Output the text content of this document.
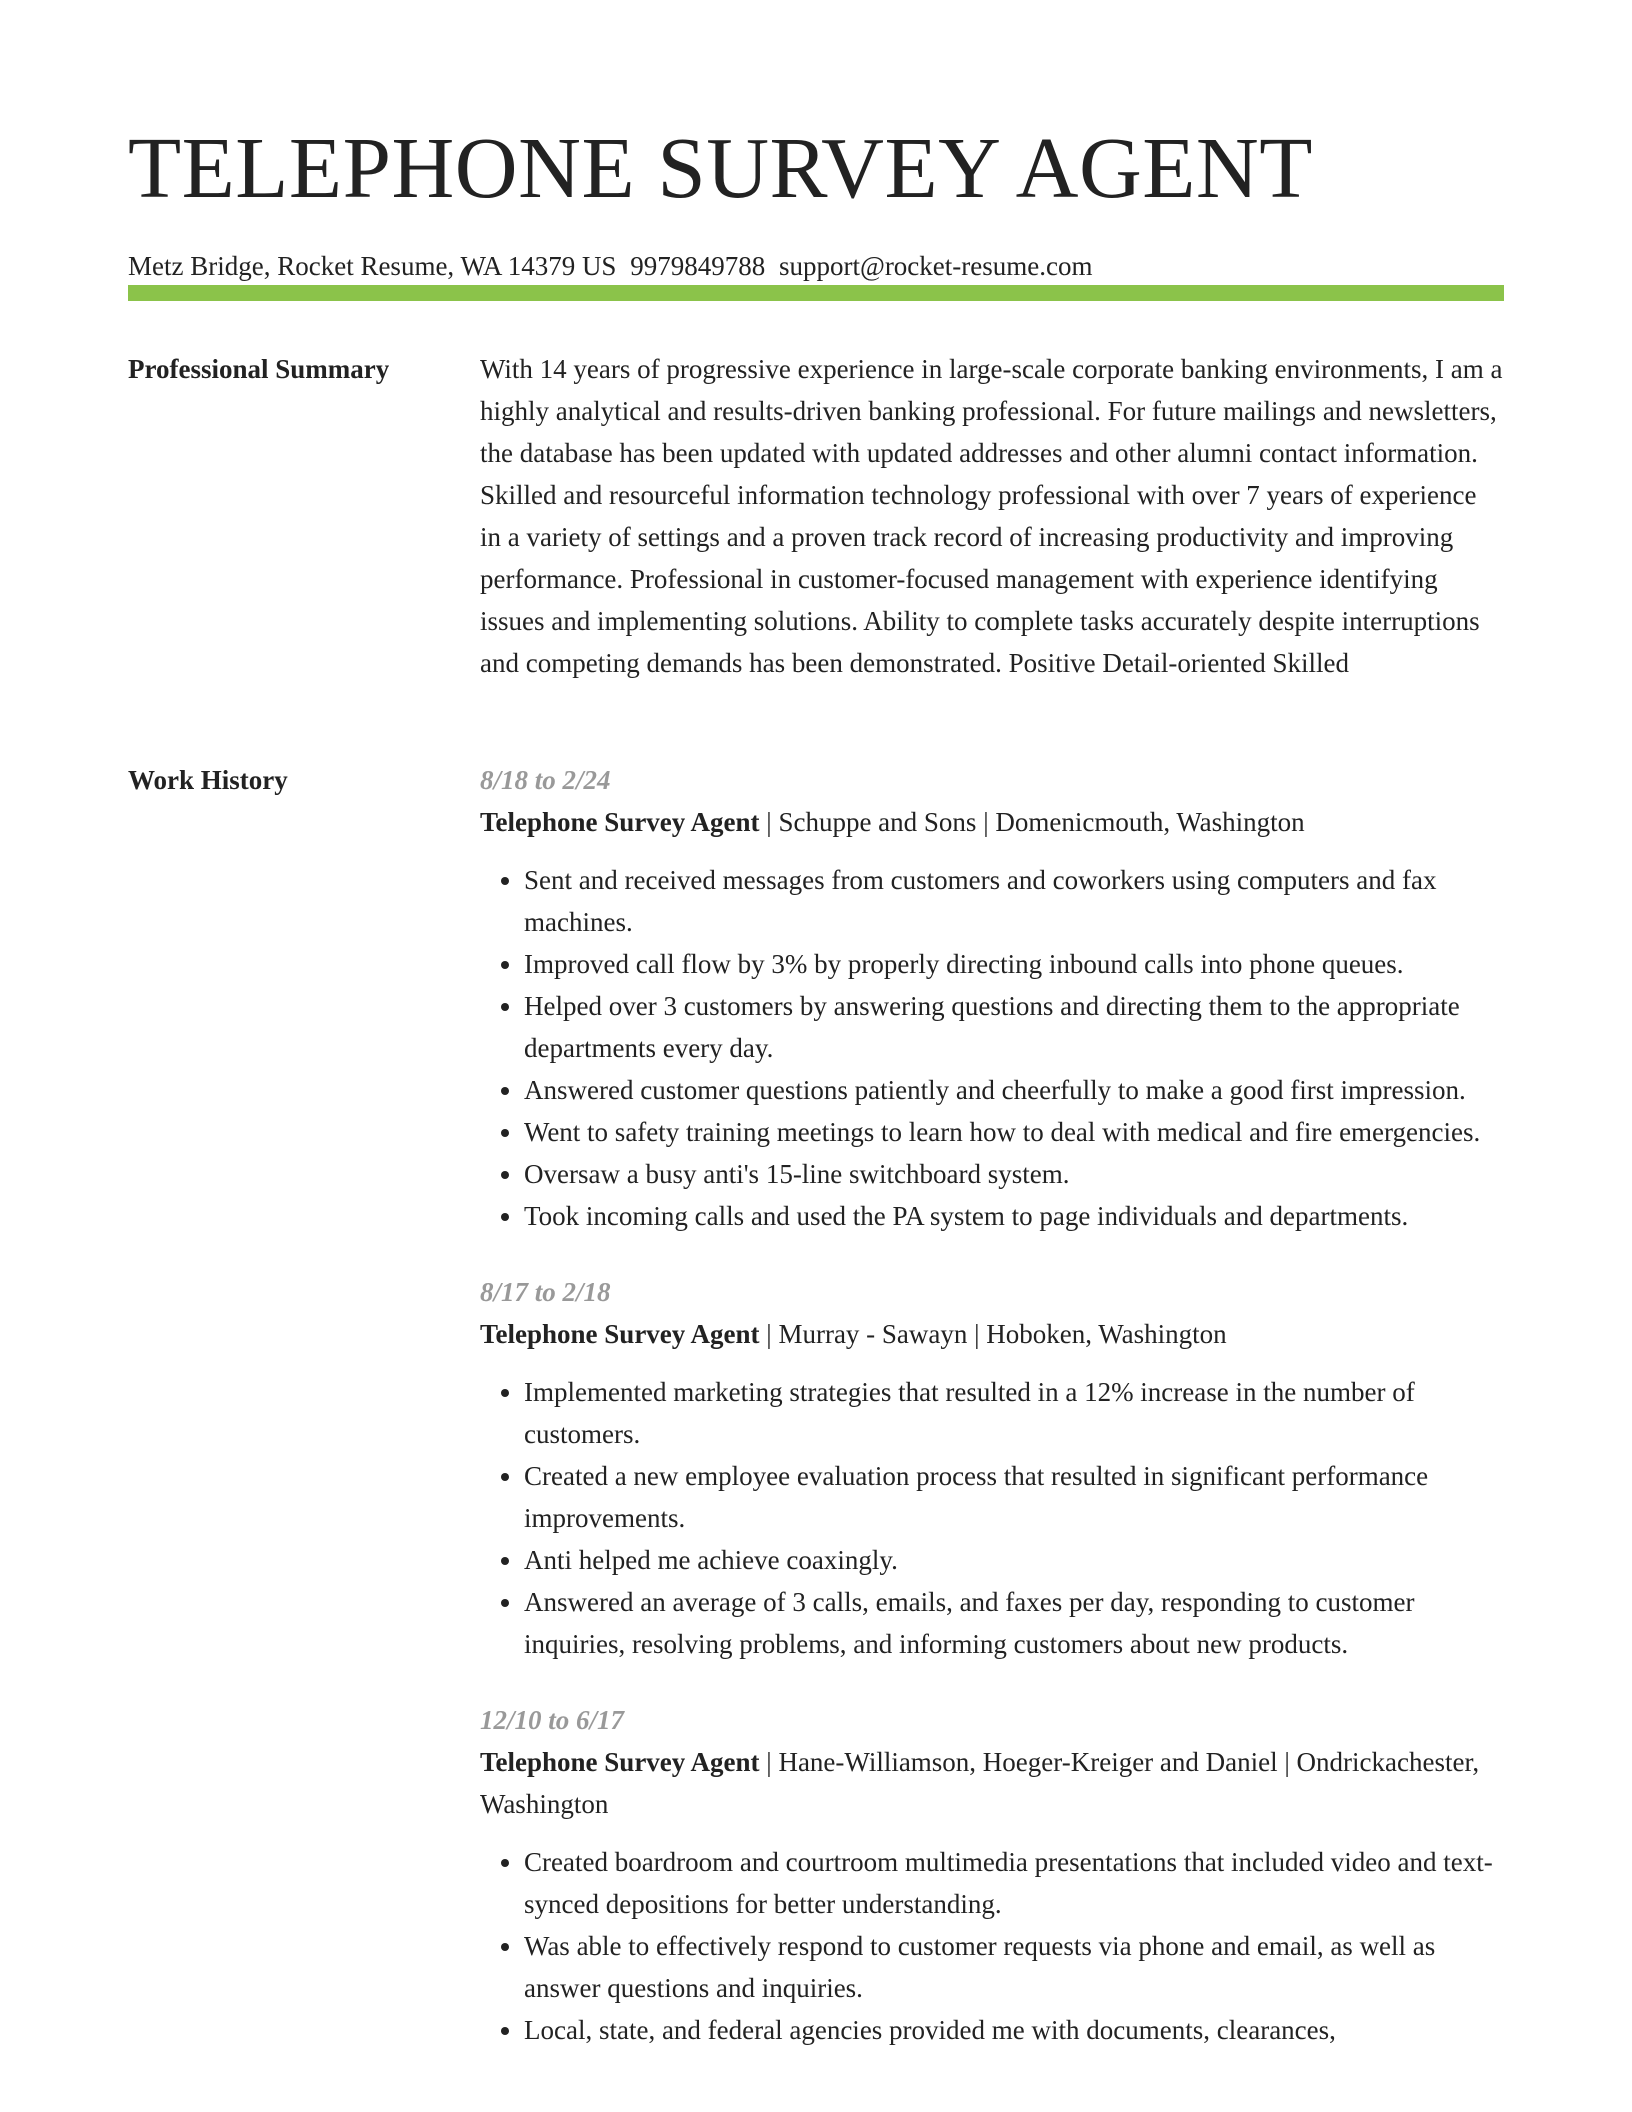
TELEPHONE SURVEY AGENT
Metz Bridge, Rocket Resume, WA 14379 US 9979849788 support@rocket-resume.com
Professional Summary	With 14 years of progressive experience in large-scale corporate banking environments, I am a highly analytical and results-driven banking professional. For future mailings and newsletters, the database has been updated with updated addresses and other alumni contact information. Skilled and resourceful information technology professional with over 7 years of experience in a variety of settings and a proven track record of increasing productivity and improving performance. Professional in customer-focused management with experience identifying issues and implementing solutions. Ability to complete tasks accurately despite interruptions and competing demands has been demonstrated. Positive Detail-oriented Skilled

Work History	8/18 to 2/24
Telephone Survey Agent | Schuppe and Sons | Domenicmouth, Washington
• Sent and received messages from customers and coworkers using computers and fax machines.
• Improved call flow by 3% by properly directing inbound calls into phone queues.
• Helped over 3 customers by answering questions and directing them to the appropriate departments every day.
• Answered customer questions patiently and cheerfully to make a good first impression.
• Went to safety training meetings to learn how to deal with medical and fire emergencies.
• Oversaw a busy anti's 15-line switchboard system.
• Took incoming calls and used the PA system to page individuals and departments.
8/17 to 2/18
Telephone Survey Agent | Murray - Sawayn | Hoboken, Washington
• Implemented marketing strategies that resulted in a 12% increase in the number of customers.
• Created a new employee evaluation process that resulted in significant performance improvements.
• Anti helped me achieve coaxingly.
• Answered an average of 3 calls, emails, and faxes per day, responding to customer inquiries, resolving problems, and informing customers about new products.
12/10 to 6/17
Telephone Survey Agent | Hane-Williamson, Hoeger-Kreiger and Daniel | Ondrickachester, Washington
• Created boardroom and courtroom multimedia presentations that included video and text-synced depositions for better understanding.
• Was able to effectively respond to customer requests via phone and email, as well as answer questions and inquiries.
• Local, state, and federal agencies provided me with documents, clearances,
